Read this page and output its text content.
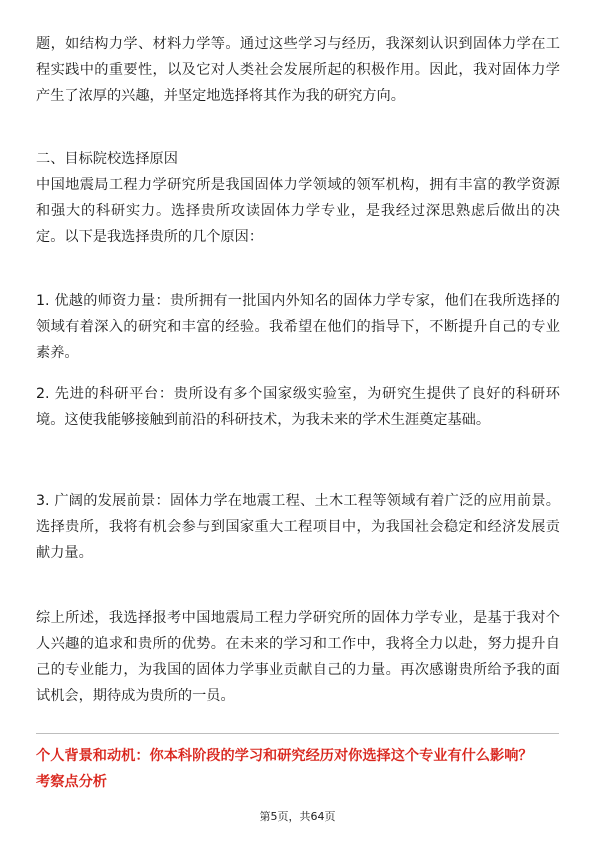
题，如结构力学、材料力学等。通过这些学习与经历，我深刻认识到固体力学在工程实践中的重要性，以及它对人类社会发展所起的积极作用。因此，我对固体力学产生了浓厚的兴趣，并坚定地选择将其作为我的研究方向。

二、目标院校选择原因

中国地震局工程力学研究所是我国固体力学领域的领军机构，拥有丰富的教学资源和强大的科研实力。选择贵所攻读固体力学专业，是我经过深思熟虑后做出的决定。以下是我选择贵所的几个原因：

1. 优越的师资力量：贵所拥有一批国内外知名的固体力学专家，他们在我所选择的领域有着深入的研究和丰富的经验。我希望在他们的指导下，不断提升自己的专业素养。

2. 先进的科研平台：贵所设有多个国家级实验室，为研究生提供了良好的科研环境。这使我能够接触到前沿的科研技术，为我未来的学术生涯奠定基础。

3. 广阔的发展前景：固体力学在地震工程、土木工程等领域有着广泛的应用前景。选择贵所，我将有机会参与到国家重大工程项目中，为我国社会稳定和经济发展贡献力量。

综上所述，我选择报考中国地震局工程力学研究所的固体力学专业，是基于我对个人兴趣的追求和贵所的优势。在未来的学习和工作中，我将全力以赴，努力提升自己的专业能力，为我国的固体力学事业贡献自己的力量。再次感谢贵所给予我的面试机会，期待成为贵所的一员。

个人背景和动机：你本科阶段的学习和研究经历对你选择这个专业有什么影响？

考察点分析

第5页，共64页
